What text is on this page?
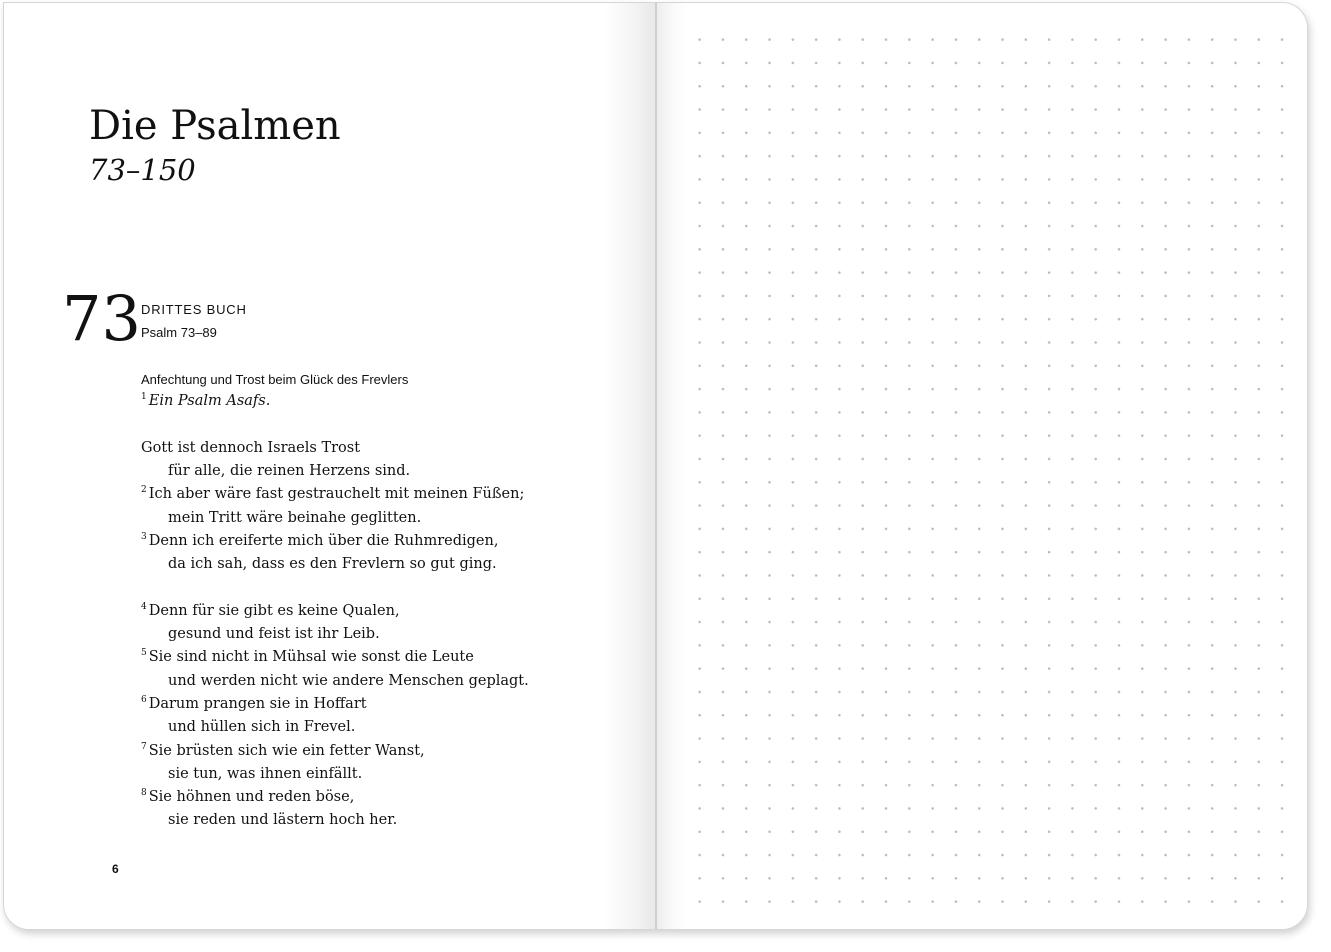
Die Psalmen
73–150
73 DRITTES BUCH
Psalm 73–89
Anfechtung und Trost beim Glück des Frevlers
$^1$ Ein Psalm Asafs.
Gott ist dennoch Israels Trost
für alle, die reinen Herzens sind.
$^2$ Ich aber wäre fast gestrauchelt mit meinen Füßen;
mein Tritt wäre beinahe geglitten.
$^3$ Denn ich ereiferte mich über die Ruhmredigen,
da ich sah, dass es den Frevlern so gut ging.
$^4$ Denn für sie gibt es keine Qualen,
gesund und feist ist ihr Leib.
$^5$ Sie sind nicht in Mühsal wie sonst die Leute
und werden nicht wie andere Menschen geplagt.
$^6$ Darum prangen sie in Hoffart
und hüllen sich in Frevel.
$^7$ Sie brüsten sich wie ein fetter Wanst,
sie tun, was ihnen einfällt.
$^8$ Sie höhnen und reden böse,
sie reden und lästern hoch her.
6
